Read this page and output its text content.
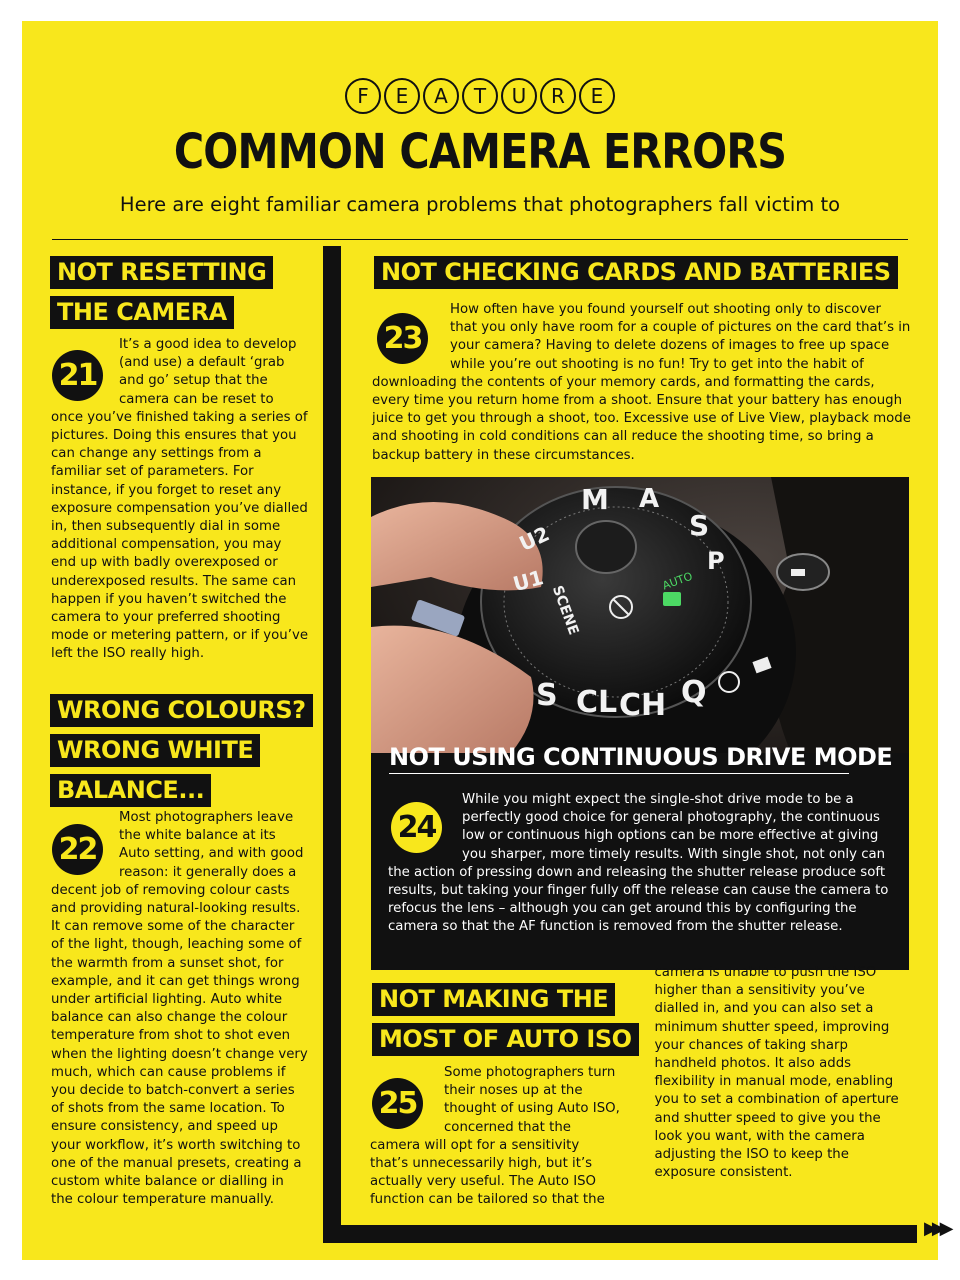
F	E	A	T	U	R	E
COMMON CAMERA ERRORS
Here are eight familiar camera problems that photographers fall victim to
▶▶▶
NOT RESETTING
THE CAMERA
21
It’s a good idea to develop (and use) a default ‘grab and go’ setup that the camera can be reset to once you’ve finished taking a series of pictures. Doing this ensures that you can change any settings from a familiar set of parameters. For instance, if you forget to reset any exposure compensation you’ve dialled in, then subsequently dial in some additional compensation, you may end up with badly overexposed or underexposed results. The same can happen if you haven’t switched the camera to your preferred shooting mode or metering pattern, or if you’ve left the ISO really high.
WRONG COLOURS?
WRONG WHITE
BALANCE...
22
Most photographers leave the white balance at its Auto setting, and with good reason: it generally does a decent job of removing colour casts and providing natural-looking results. It can remove some of the character of the light, though, leaching some of the warmth from a sunset shot, for example, and it can get things wrong under artificial lighting. Auto white balance can also change the colour temperature from shot to shot even when the lighting doesn’t change very much, which can cause problems if you decide to batch-convert a series of shots from the same location. To ensure consistency, and speed up your workflow, it’s worth switching to one of the manual presets, creating a custom white balance or dialling in the colour temperature manually.
NOT CHECKING CARDS AND BATTERIES
23
How often have you found yourself out shooting only to discover that you only have room for a couple of pictures on the card that’s in your camera? Having to delete dozens of images to free up space while you’re out shooting is no fun! Try to get into the habit of downloading the contents of your memory cards, and formatting the cards, every time you return home from a shoot. Ensure that your battery has enough juice to get you through a shoot, too. Excessive use of Live View, playback mode and shooting in cold conditions can all reduce the shooting time, so bring a backup battery in these circumstances.
M A
S
P
U2
U1
SCENE
AUTO
S CL CH Q
NOT USING CONTINUOUS DRIVE MODE
24
While you might expect the single-shot drive mode to be a perfectly good choice for general photography, the continuous low or continuous high options can be more effective at giving you sharper, more timely results. With single shot, not only can the action of pressing down and releasing the shutter release produce soft results, but taking your finger fully off the release can cause the camera to refocus the lens – although you can get around this by configuring the camera so that the AF function is removed from the shutter release.
NOT MAKING THE
MOST OF AUTO ISO
25
Some photographers turn their noses up at the thought of using Auto ISO, concerned that the camera will opt for a sensitivity that’s unnecessarily high, but it’s actually very useful. The Auto ISO function can be tailored so that the camera is unable to push the ISO higher than a sensitivity you’ve dialled in, and you can also set a minimum shutter speed, improving your chances of taking sharp handheld photos. It also adds flexibility in manual mode, enabling you to set a combination of aperture and shutter speed to give you the look you want, with the camera adjusting the ISO to keep the exposure consistent.
